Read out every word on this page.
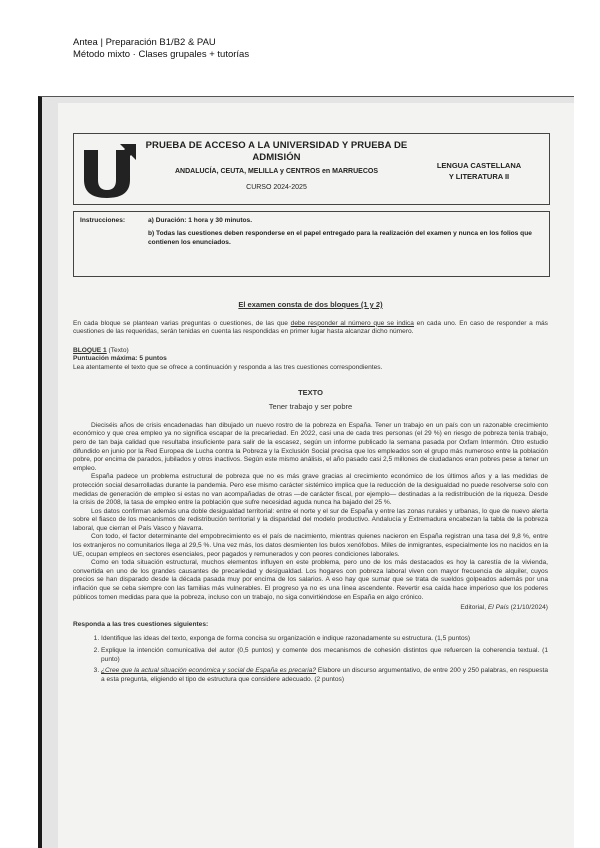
Antea | Preparación B1/B2 & PAU
Método mixto · Clases grupales + tutorías
PRUEBA DE ACCESO A LA UNIVERSIDAD Y PRUEBA DE ADMISIÓN
ANDALUCÍA, CEUTA, MELILLA y CENTROS en MARRUECOS
CURSO 2024-2025
LENGUA CASTELLANA
Y LITERATURA II
Instrucciones:	a) Duración: 1 hora y 30 minutos.
b) Todas las cuestiones deben responderse en el papel entregado para la realización del examen y nunca en los folios que contienen los enunciados.
El examen consta de dos bloques (1 y 2)

En cada bloque se plantean varias preguntas o cuestiones, de las que debe responder al número que se indica en cada uno. En caso de responder a más cuestiones de las requeridas, serán tenidas en cuenta las respondidas en primer lugar hasta alcanzar dicho número.

BLOQUE 1 (Texto)
Puntuación máxima: 5 puntos
Lea atentamente el texto que se ofrece a continuación y responda a las tres cuestiones correspondientes.
TEXTO
Tener trabajo y ser pobre

Dieciséis años de crisis encadenadas han dibujado un nuevo rostro de la pobreza en España. Tener un trabajo en un país con un razonable crecimiento económico y que crea empleo ya no significa escapar de la precariedad. En 2022, casi una de cada tres personas (el 29 %) en riesgo de pobreza tenía trabajo, pero de tan baja calidad que resultaba insuficiente para salir de la escasez, según un informe publicado la semana pasada por Oxfam Intermón. Otro estudio difundido en junio por la Red Europea de Lucha contra la Pobreza y la Exclusión Social precisa que los empleados son el grupo más numeroso entre la población pobre, por encima de parados, jubilados y otros inactivos. Según este mismo análisis, el año pasado casi 2,5 millones de ciudadanos eran pobres pese a tener un empleo.

España padece un problema estructural de pobreza que no es más grave gracias al crecimiento económico de los últimos años y a las medidas de protección social desarrolladas durante la pandemia. Pero ese mismo carácter sistémico implica que la reducción de la desigualdad no puede resolverse solo con medidas de generación de empleo si estas no van acompañadas de otras —de carácter fiscal, por ejemplo— destinadas a la redistribución de la riqueza. Desde la crisis de 2008, la tasa de empleo entre la población que sufre necesidad aguda nunca ha bajado del 25 %.

Los datos confirman además una doble desigualdad territorial: entre el norte y el sur de España y entre las zonas rurales y urbanas, lo que de nuevo alerta sobre el fiasco de los mecanismos de redistribución territorial y la disparidad del modelo productivo. Andalucía y Extremadura encabezan la tabla de la pobreza laboral, que cierran el País Vasco y Navarra.

Con todo, el factor determinante del empobrecimiento es el país de nacimiento, mientras quienes nacieron en España registran una tasa del 9,8 %, entre los extranjeros no comunitarios llega al 29,5 %. Una vez más, los datos desmienten los bulos xenófobos. Miles de inmigrantes, especialmente los no nacidos en la UE, ocupan empleos en sectores esenciales, peor pagados y remunerados y con peores condiciones laborales.

Como en toda situación estructural, muchos elementos influyen en este problema, pero uno de los más destacados es hoy la carestía de la vivienda, convertida en uno de los grandes causantes de precariedad y desigualdad. Los hogares con pobreza laboral viven con mayor frecuencia de alquiler, cuyos precios se han disparado desde la década pasada muy por encima de los salarios. A eso hay que sumar que se trata de sueldos golpeados además por una inflación que se ceba siempre con las familias más vulnerables. El progreso ya no es una línea ascendente. Revertir esa caída hace imperioso que los poderes públicos tomen medidas para que la pobreza, incluso con un trabajo, no siga convirtiéndose en España en algo crónico.

Editorial, El País (21/10/2024)
Responda a las tres cuestiones siguientes:
1. Identifique las ideas del texto, exponga de forma concisa su organización e indique razonadamente su estructura. (1,5 puntos)
2. Explique la intención comunicativa del autor (0,5 puntos) y comente dos mecanismos de cohesión distintos que refuercen la coherencia textual. (1 punto)
3. ¿Cree que la actual situación económica y social de España es precaria? Elabore un discurso argumentativo, de entre 200 y 250 palabras, en respuesta a esta pregunta, eligiendo el tipo de estructura que considere adecuado. (2 puntos)
